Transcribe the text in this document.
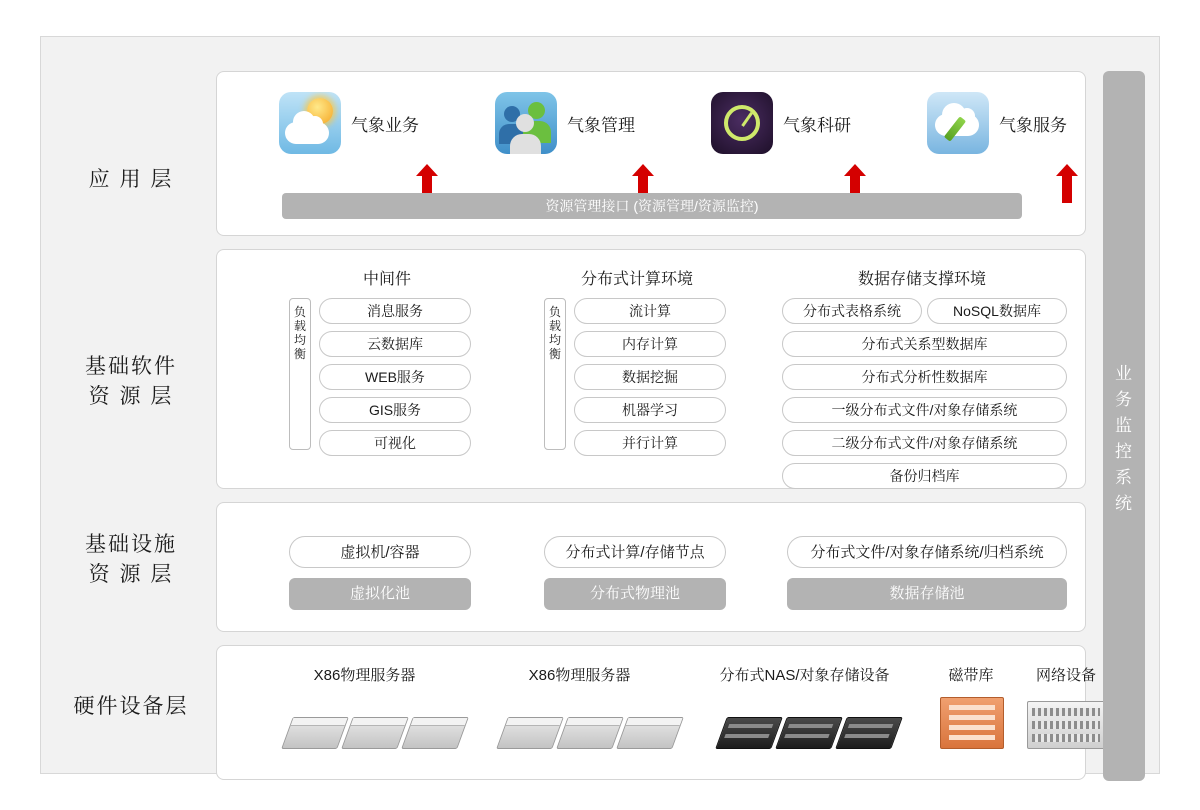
应 用 层
气象业务	气象管理	气象科研	气象服务
资源管理接口 (资源管理/资源监控)
基础软件
资 源 层
中间件
负载均衡
消息服务
云数据库
WEB服务
GIS服务
可视化
分布式计算环境
负载均衡
流计算
内存计算
数据挖掘
机器学习
并行计算
数据存储支撑环境
分布式表格系统	NoSQL数据库
分布式关系型数据库
分布式分析性数据库
一级分布式文件/对象存储系统
二级分布式文件/对象存储系统
备份归档库
基础设施
资 源 层
虚拟机/容器
虚拟化池
分布式计算/存储节点
分布式物理池
分布式文件/对象存储系统/归档系统
数据存储池
硬件设备层
X86物理服务器	X86物理服务器	分布式NAS/对象存储设备	磁带库	网络设备
业
务
监
控
系
统
